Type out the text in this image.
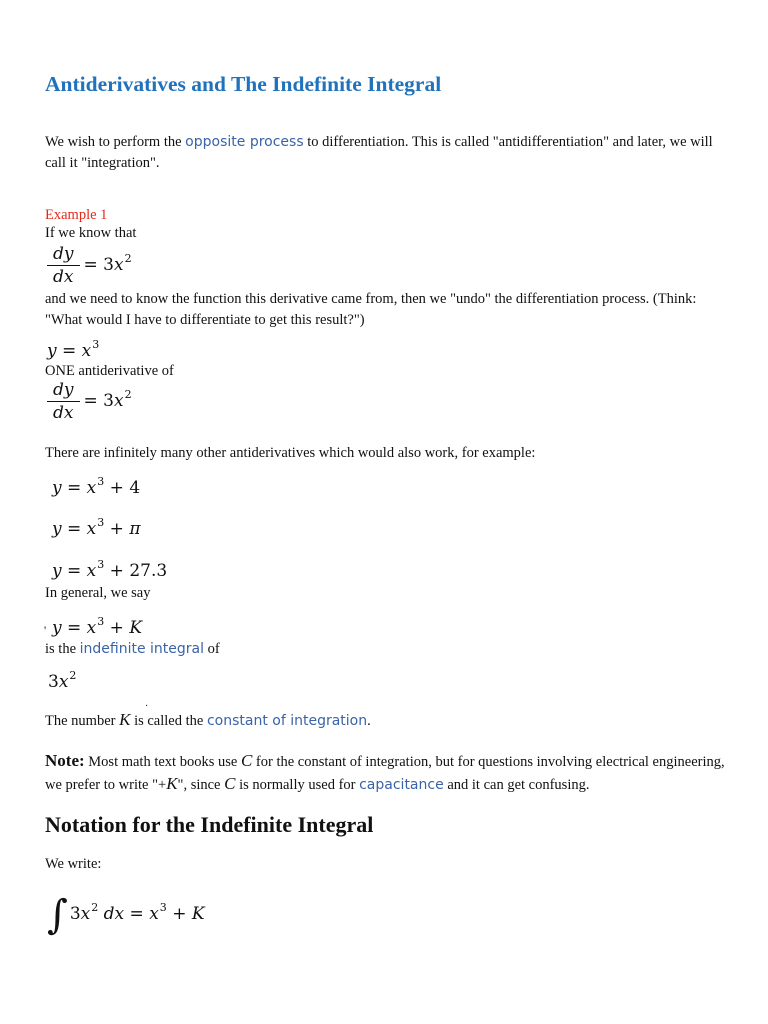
Antiderivatives and The Indefinite Integral
We wish to perform the opposite process to differentiation. This is called "antidifferentiation" and later, we will call it "integration".
Example 1
If we know that
$\frac{dy}{dx} = 3x^2$
and we need to know the function this derivative came from, then we "undo" the differentiation process. (Think: "What would I have to differentiate to get this result?")
$y = x^3$
ONE antiderivative of
$\frac{dy}{dx} = 3x^2$
There are infinitely many other antiderivatives which would also work, for example:
$y = x^3 + 4$
$y = x^3 + \pi$
$y = x^3 + 27.3$
In general, we say
' $y = x^3 + K$
is the indefinite integral of
$3x^2$
·
The number K is called the constant of integration.
Note: Most math text books use C for the constant of integration, but for questions involving electrical engineering, we prefer to write "+K", since C is normally used for capacitance and it can get confusing.
Notation for the Indefinite Integral
We write:
∫ $3x^2$ dx = $x^3 + K$
